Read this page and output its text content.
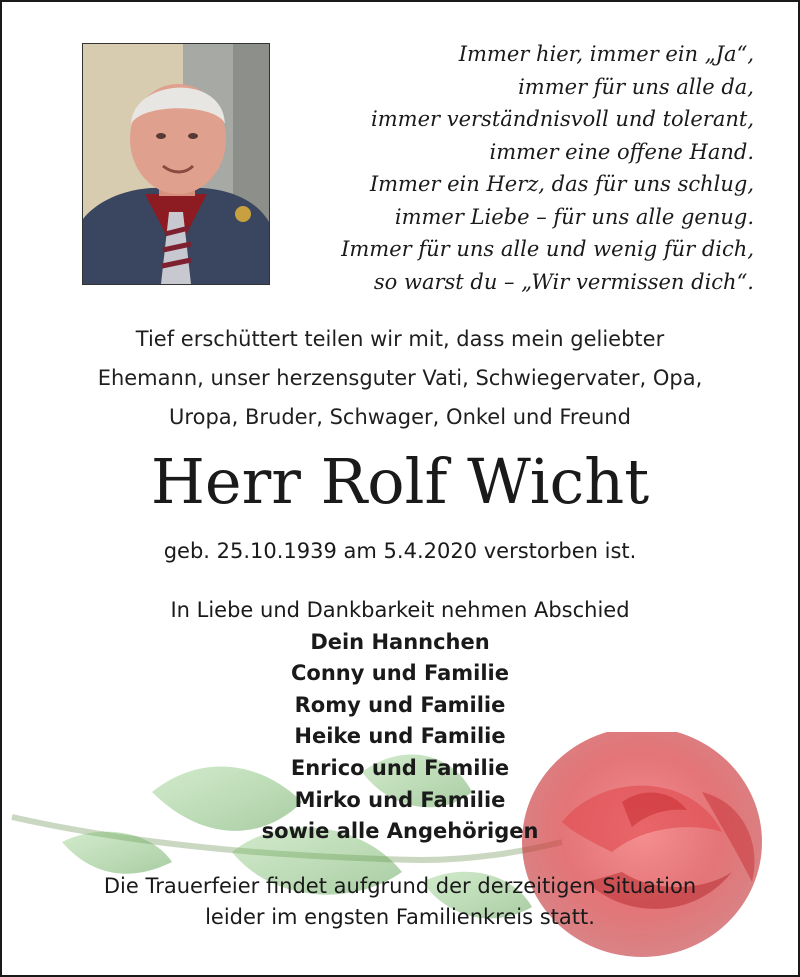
Immer hier, immer ein „Ja“,
immer für uns alle da,
immer verständnisvoll und tolerant,
immer eine offene Hand.
Immer ein Herz, das für uns schlug,
immer Liebe – für uns alle genug.
Immer für uns alle und wenig für dich,
so warst du – „Wir vermissen dich“.
Tief erschüttert teilen wir mit, dass mein geliebter
Ehemann, unser herzensguter Vati, Schwiegervater, Opa,
Uropa, Bruder, Schwager, Onkel und Freund
Herr Rolf Wicht
geb. 25.10.1939 am 5.4.2020 verstorben ist.
In Liebe und Dankbarkeit nehmen Abschied
Dein Hannchen
Conny und Familie
Romy und Familie
Heike und Familie
Enrico und Familie
Mirko und Familie
sowie alle Angehörigen
Die Trauerfeier findet aufgrund der derzeitigen Situation
leider im engsten Familienkreis statt.
